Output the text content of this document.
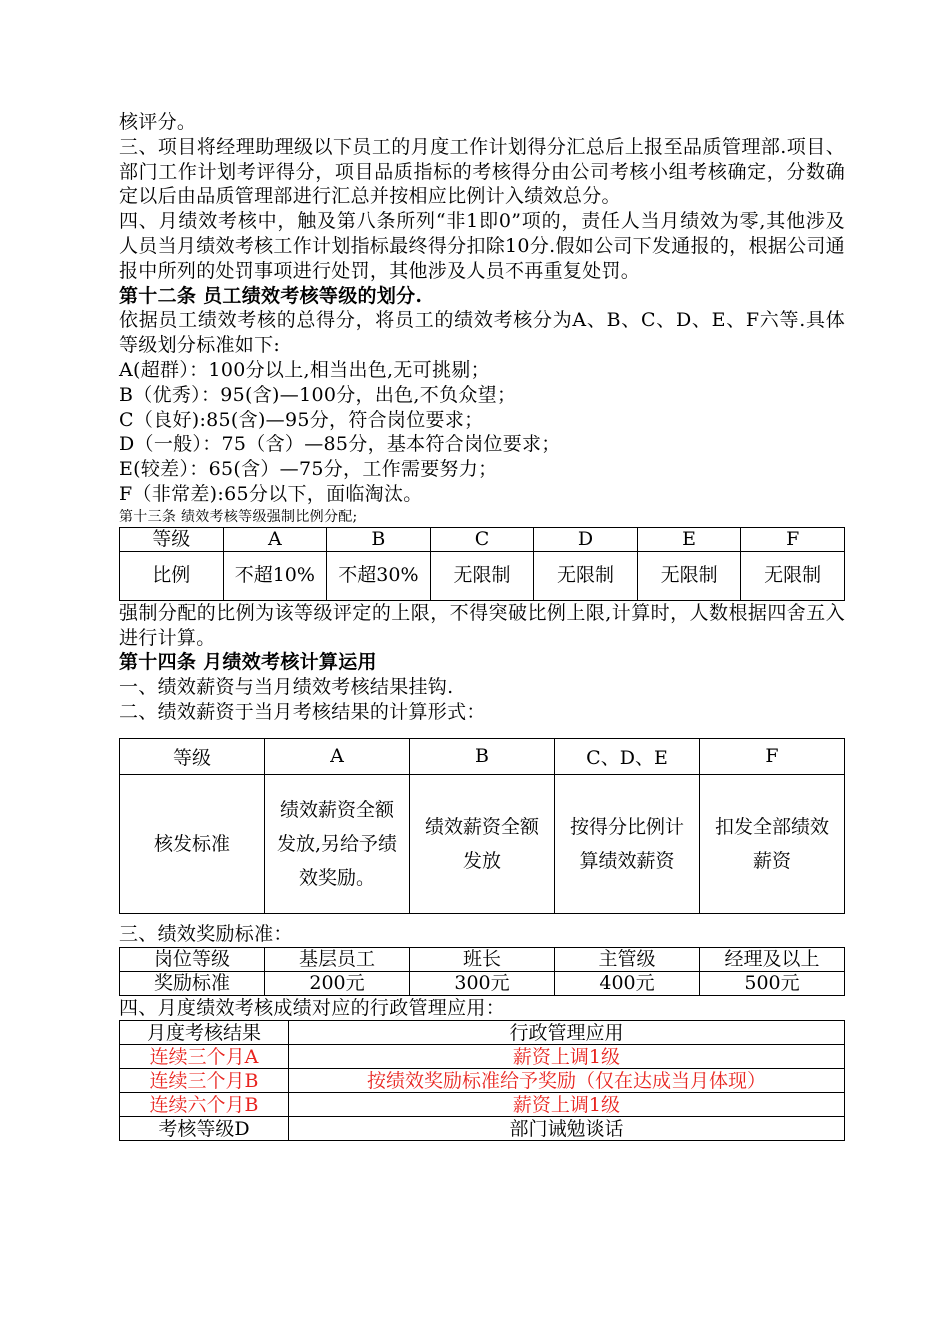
核评分。

三、项目将经理助理级以下员工的月度工作计划得分汇总后上报至品质管理部.项目、部门工作计划考评得分，项目品质指标的考核得分由公司考核小组考核确定，分数确定以后由品质管理部进行汇总并按相应比例计入绩效总分。

四、月绩效考核中，触及第八条所列“非1即0”项的，责任人当月绩效为零,其他涉及人员当月绩效考核工作计划指标最终得分扣除10分.假如公司下发通报的，根据公司通报中所列的处罚事项进行处罚，其他涉及人员不再重复处罚。

第十二条 员工绩效考核等级的划分.

依据员工绩效考核的总得分，将员工的绩效考核分为A、B、C、D、E、F六等.具体等级划分标准如下:

A(超群）：100分以上,相当出色,无可挑剔；

B（优秀）：95(含)—100分，出色,不负众望；

C（良好):85(含)—95分，符合岗位要求；

D（一般）：75（含）—85分，基本符合岗位要求；

E(较差）：65(含）—75分，工作需要努力；

F（非常差):65分以下，面临淘汰。

第十三条 绩效考核等级强制比例分配;

等级	A	B	C	D	E	F
比例	不超10%	不超30%	无限制	无限制	无限制	无限制

强制分配的比例为该等级评定的上限，不得突破比例上限,计算时，人数根据四舍五入进行计算。

第十四条 月绩效考核计算运用

一、绩效薪资与当月绩效考核结果挂钩.

二、绩效薪资于当月考核结果的计算形式：

等级	A	B	C、D、E	F
核发标准	绩效薪资全额发放,另给予绩效奖励。	绩效薪资全额发放	按得分比例计算绩效薪资	扣发全部绩效薪资

三、绩效奖励标准：

岗位等级	基层员工	班长	主管级	经理及以上
奖励标准	200元	300元	400元	500元

四、月度绩效考核成绩对应的行政管理应用：

月度考核结果	行政管理应用
连续三个月A	薪资上调1级
连续三个月B	按绩效奖励标准给予奖励（仅在达成当月体现）
连续六个月B	薪资上调1级
考核等级D	部门诫勉谈话
